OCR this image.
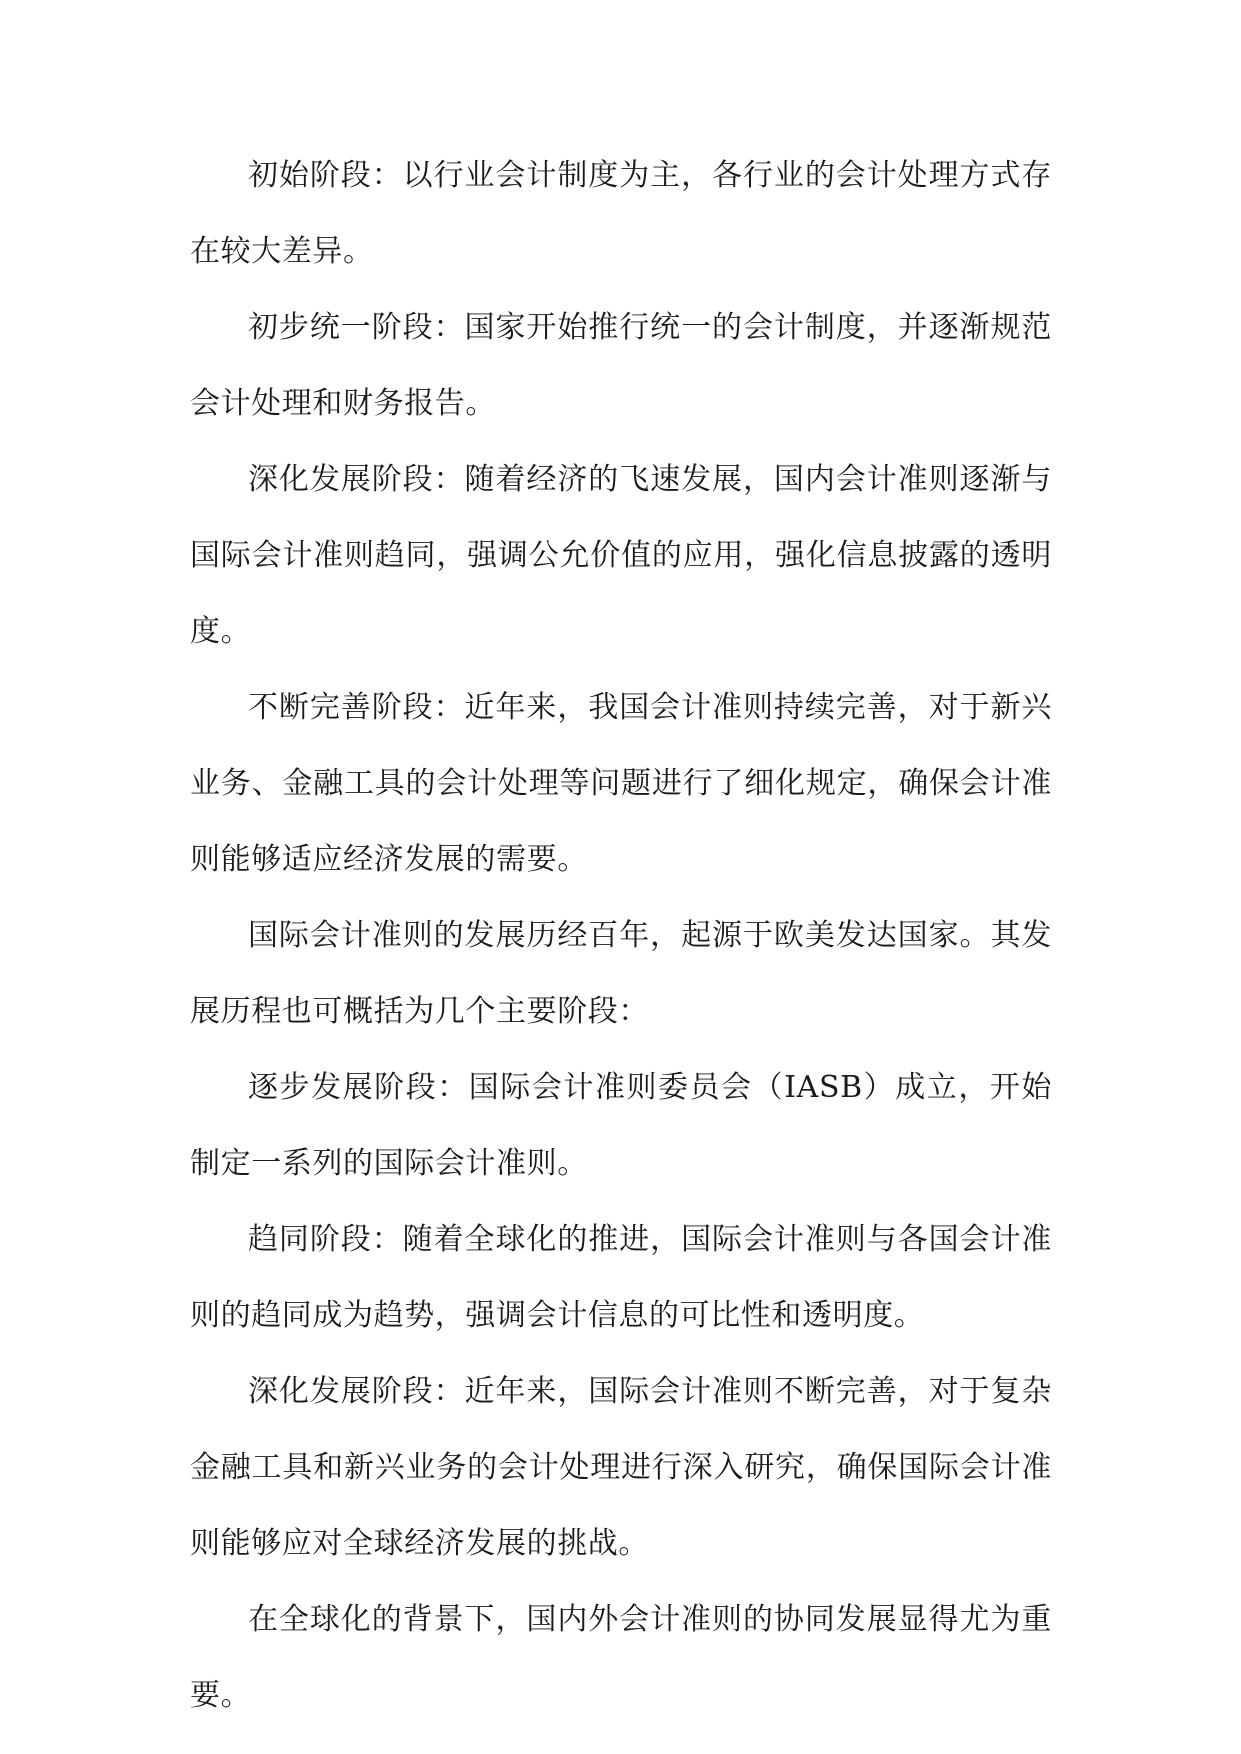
初始阶段：以行业会计制度为主，各行业的会计处理方式存在较大差异。

初步统一阶段：国家开始推行统一的会计制度，并逐渐规范会计处理和财务报告。

深化发展阶段：随着经济的飞速发展，国内会计准则逐渐与国际会计准则趋同，强调公允价值的应用，强化信息披露的透明度。

不断完善阶段：近年来，我国会计准则持续完善，对于新兴业务、金融工具的会计处理等问题进行了细化规定，确保会计准则能够适应经济发展的需要。

国际会计准则的发展历经百年，起源于欧美发达国家。其发展历程也可概括为几个主要阶段：

逐步发展阶段：国际会计准则委员会（IASB）成立，开始制定一系列的国际会计准则。

趋同阶段：随着全球化的推进，国际会计准则与各国会计准则的趋同成为趋势，强调会计信息的可比性和透明度。

深化发展阶段：近年来，国际会计准则不断完善，对于复杂金融工具和新兴业务的会计处理进行深入研究，确保国际会计准则能够应对全球经济发展的挑战。

在全球化的背景下，国内外会计准则的协同发展显得尤为重要。
